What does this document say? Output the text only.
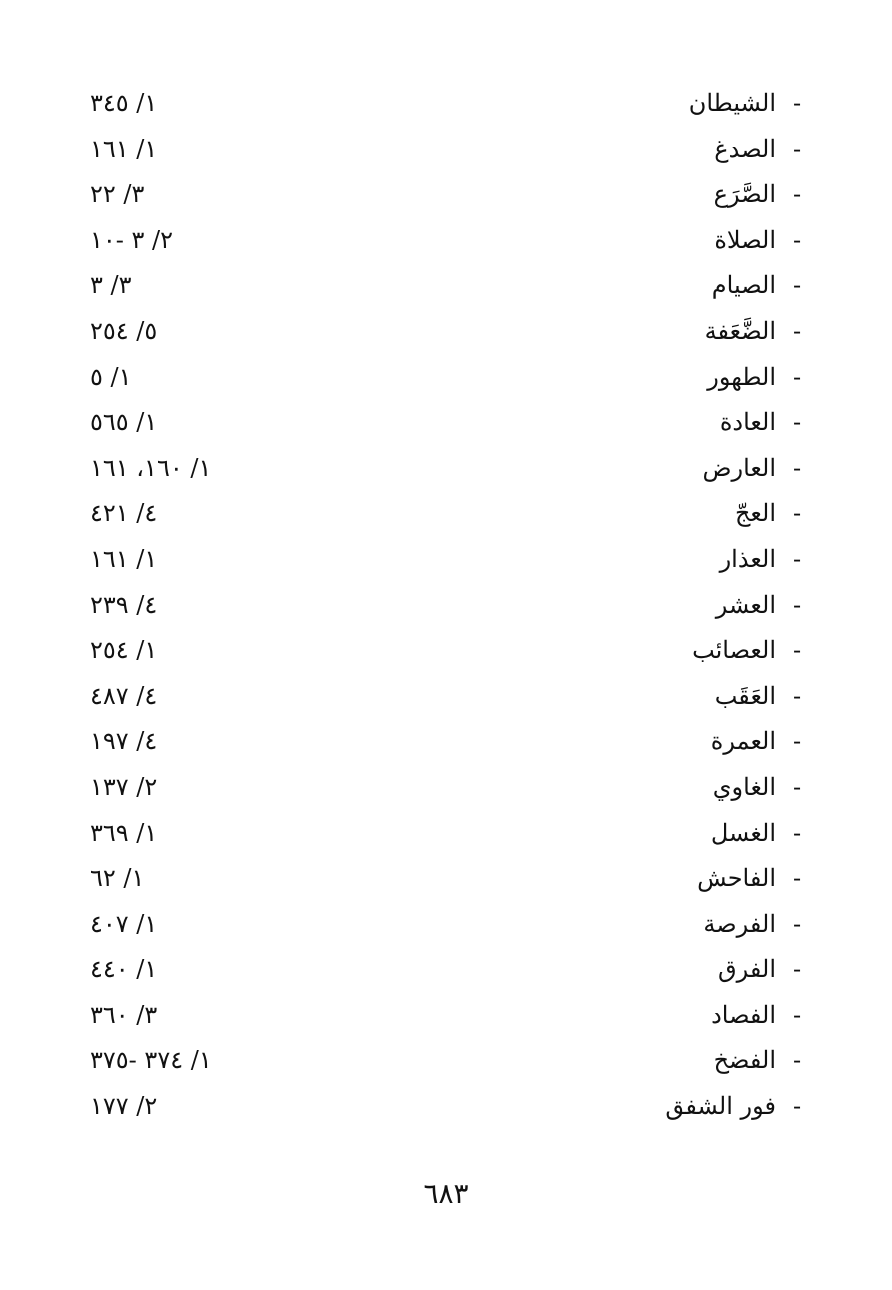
-
الشيطان
١/ ٣٤٥
-
الصدغ
١/ ١٦١
-
الصَّرَع
٣/ ٢٢
-
الصلاة
٢/ ٣ -١٠
-
الصيام
٣/ ٣
-
الضَّعَفة
٥/ ٢٥٤
-
الطهور
١/ ٥
-
العادة
١/ ٥٦٥
-
العارض
١/ ١٦٠، ١٦١
-
العجّ
٤/ ٤٢١
-
العذار
١/ ١٦١
-
العشر
٤/ ٢٣٩
-
العصائب
١/ ٢٥٤
-
العَقَب
٤/ ٤٨٧
-
العمرة
٤/ ١٩٧
-
الغاوي
٢/ ١٣٧
-
الغسل
١/ ٣٦٩
-
الفاحش
١/ ٦٢
-
الفرصة
١/ ٤٠٧
-
الفرق
١/ ٤٤٠
-
الفصاد
٣/ ٣٦٠
-
الفضخ
١/ ٣٧٤ -٣٧٥
-
فور الشفق
٢/ ١٧٧
٦٨٣
